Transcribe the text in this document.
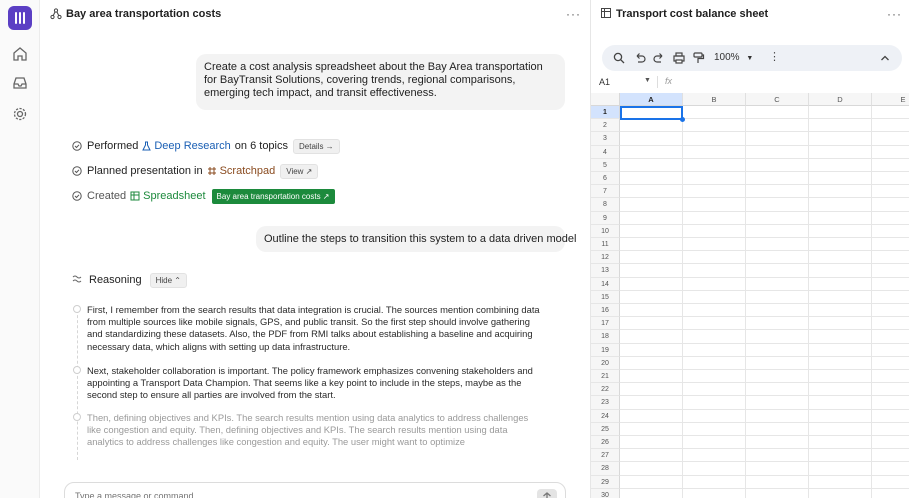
Bay area transportation costs	···
Create a cost analysis spreadsheet about the Bay Area transportation for BayTransit Solutions, covering trends, regional comparisons, emerging tech impact, and transit effectiveness.
Performed Deep Research on 6 topics	Details →
Planned presentation in Scratchpad	View ↗
Created Spreadsheet	Bay area transportation costs ↗
Outline the steps to transition this system to a data driven model
Reasoning	Hide ⌃
First, I remember from the search results that data integration is crucial. The sources mention combining data from multiple sources like mobile signals, GPS, and public transit. So the first step should involve gathering and standardizing these datasets. Also, the PDF from RMI talks about establishing a baseline and acquiring necessary data, which aligns with setting up data infrastructure.
Next, stakeholder collaboration is important. The policy framework emphasizes convening stakeholders and appointing a Transport Data Champion. That seems like a key point to include in the steps, maybe as the second step to ensure all parties are involved from the start.
Then, defining objectives and KPIs. The search results mention using data analytics to address challenges like congestion and equity. Then, defining objectives and KPIs. The search results mention using data analytics to address challenges like congestion and equity. The user might want to optimize
Type a message or command
Transport cost balance sheet	···
100% ▼ ⋮
A1	▼ fx
A	B	C	D	E
1
2
3
4
5
6
7
8
9
10
11
12
13
14
15
16
17
18
19
20
21
22
23
24
25
26
27
28
29
30
